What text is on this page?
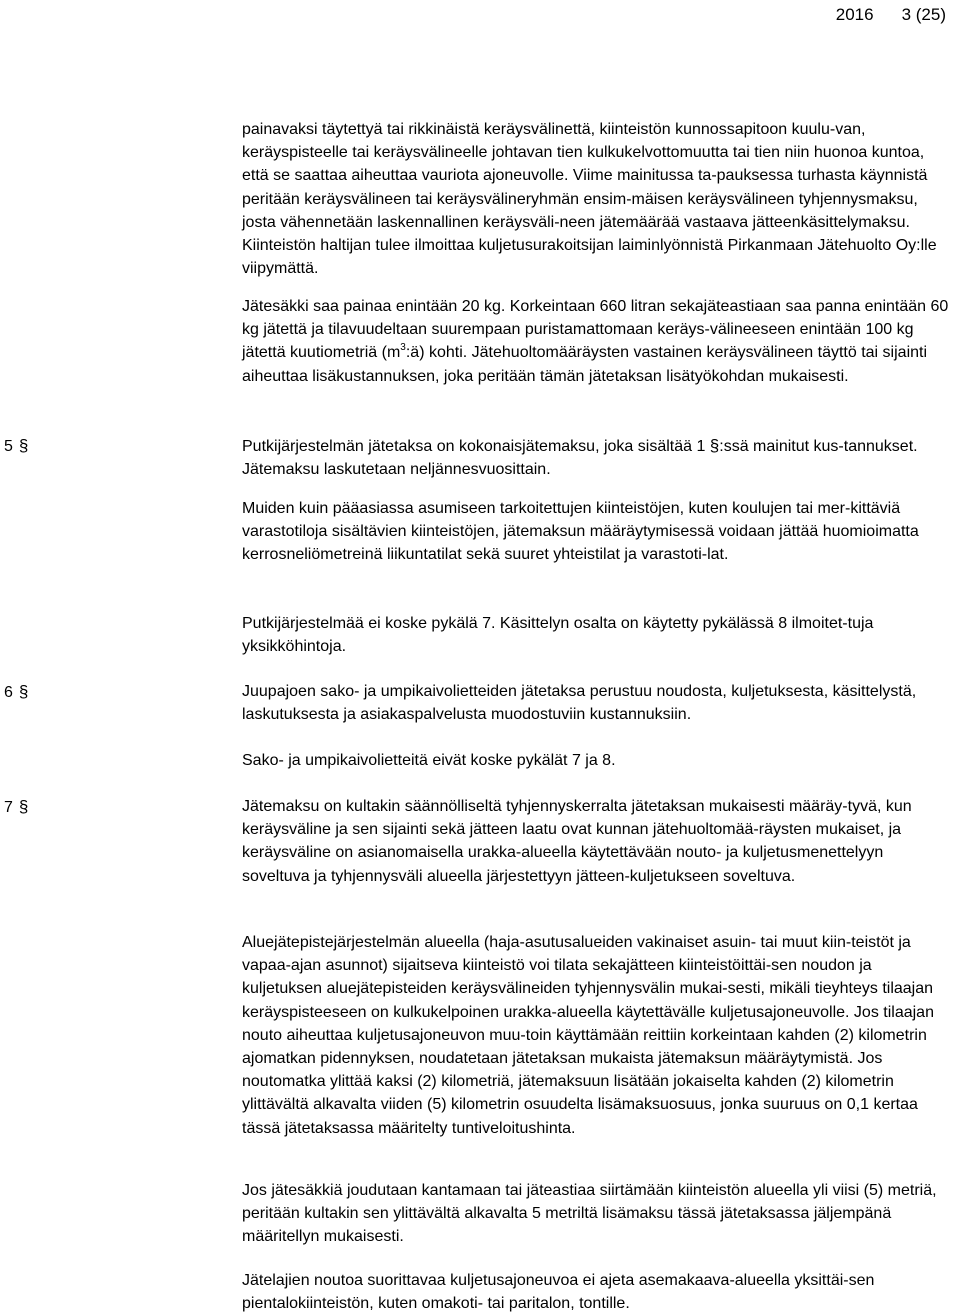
2016 3 (25)
5 §
6 §
7 §

painavaksi täytettyä tai rikkinäistä keräysvälinettä, kiinteistön kunnossapitoon kuulu-van, keräyspisteelle tai keräysvälineelle johtavan tien kulkukelvottomuutta tai tien niin huonoa kuntoa, että se saattaa aiheuttaa vauriota ajoneuvolle. Viime mainitussa ta-pauksessa turhasta käynnistä peritään keräysvälineen tai keräysvälineryhmän ensim-mäisen keräysvälineen tyhjennysmaksu, josta vähennetään laskennallinen keräysväli-neen jätemäärää vastaava jätteenkäsittelymaksu. Kiinteistön haltijan tulee ilmoittaa kuljetusurakoitsijan laiminlyönnistä Pirkanmaan Jätehuolto Oy:lle viipymättä.

Jätesäkki saa painaa enintään 20 kg. Korkeintaan 660 litran sekajäteastiaan saa panna enintään 60 kg jätettä ja tilavuudeltaan suurempaan puristamattomaan keräys-välineeseen enintään 100 kg jätettä kuutiometriä $(m^3:ä)$ kohti. Jätehuoltomääräysten vastainen keräysvälineen täyttö tai sijainti aiheuttaa lisäkustannuksen, joka peritään tämän jätetaksan lisätyökohdan mukaisesti.

Putkijärjestelmän jätetaksa on kokonaisjätemaksu, joka sisältää 1 §:ssä mainitut kus-tannukset. Jätemaksu laskutetaan neljännesvuosittain.

Muiden kuin pääasiassa asumiseen tarkoitettujen kiinteistöjen, kuten koulujen tai mer-kittäviä varastotiloja sisältävien kiinteistöjen, jätemaksun määräytymisessä voidaan jättää huomioimatta kerrosneliömetreinä liikuntatilat sekä suuret yhteistilat ja varastoti-lat.

Putkijärjestelmää ei koske pykälä 7. Käsittelyn osalta on käytetty pykälässä 8 ilmoitet-tuja yksikköhintoja.

Juupajoen sako- ja umpikaivolietteiden jätetaksa perustuu noudosta, kuljetuksesta, käsittelystä, laskutuksesta ja asiakaspalvelusta muodostuviin kustannuksiin.

Sako- ja umpikaivolietteitä eivät koske pykälät 7 ja 8.

Jätemaksu on kultakin säännölliseltä tyhjennyskerralta jätetaksan mukaisesti määräy-tyvä, kun keräysväline ja sen sijainti sekä jätteen laatu ovat kunnan jätehuoltomää-räysten mukaiset, ja keräysväline on asianomaisella urakka-alueella käytettävään nouto- ja kuljetusmenettelyyn soveltuva ja tyhjennysväli alueella järjestettyyn jätteen-kuljetukseen soveltuva.

Aluejätepistejärjestelmän alueella (haja-asutusalueiden vakinaiset asuin- tai muut kiin-teistöt ja vapaa-ajan asunnot) sijaitseva kiinteistö voi tilata sekajätteen kiinteistöittäi-sen noudon ja kuljetuksen aluejätepisteiden keräysvälineiden tyhjennysvälin mukai-sesti, mikäli tieyhteys tilaajan keräyspisteeseen on kulkukelpoinen urakka-alueella käytettävälle kuljetusajoneuvolle. Jos tilaajan nouto aiheuttaa kuljetusajoneuvon muu-toin käyttämään reittiin korkeintaan kahden (2) kilometrin ajomatkan pidennyksen, noudatetaan jätetaksan mukaista jätemaksun määräytymistä. Jos noutomatka ylittää kaksi (2) kilometriä, jätemaksuun lisätään jokaiselta kahden (2) kilometrin ylittävältä alkavalta viiden (5) kilometrin osuudelta lisämaksuosuus, jonka suuruus on 0,1 kertaa tässä jätetaksassa määritelty tuntiveloitushinta.

Jos jätesäkkiä joudutaan kantamaan tai jäteastiaa siirtämään kiinteistön alueella yli viisi (5) metriä, peritään kultakin sen ylittävältä alkavalta 5 metriltä lisämaksu tässä jätetaksassa jäljempänä määritellyn mukaisesti.

Jätelajien noutoa suorittavaa kuljetusajoneuvoa ei ajeta asemakaava-alueella yksittäi-sen pientalokiinteistön, kuten omakoti- tai paritalon, tontille.
